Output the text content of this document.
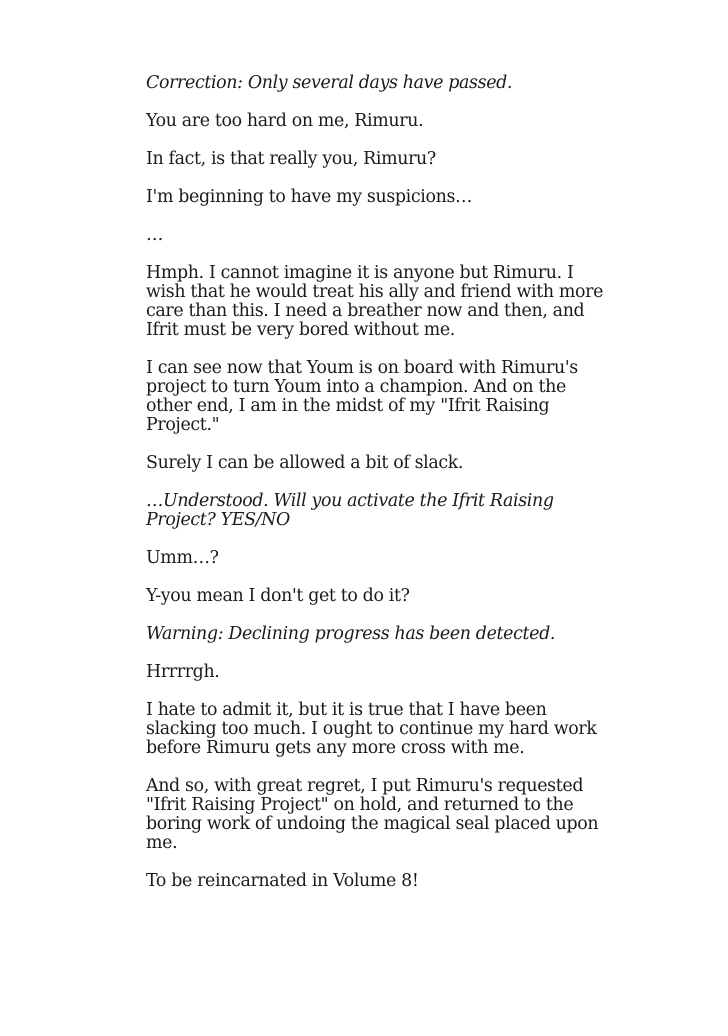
Correction: Only several days have passed.

You are too hard on me, Rimuru.

In fact, is that really you, Rimuru?

I'm beginning to have my suspicions…

…

Hmph. I cannot imagine it is anyone but Rimuru. I wish that he would treat his ally and friend with more care than this. I need a breather now and then, and Ifrit must be very bored without me.

I can see now that Youm is on board with Rimuru's project to turn Youm into a champion. And on the other end, I am in the midst of my "Ifrit Raising Project."

Surely I can be allowed a bit of slack.

…Understood. Will you activate the Ifrit Raising Project? YES/NO

Umm…?

Y-you mean I don't get to do it?

Warning: Declining progress has been detected.

Hrrrrgh.

I hate to admit it, but it is true that I have been slacking too much. I ought to continue my hard work before Rimuru gets any more cross with me.

And so, with great regret, I put Rimuru's requested "Ifrit Raising Project" on hold, and returned to the boring work of undoing the magical seal placed upon me.

To be reincarnated in Volume 8!
